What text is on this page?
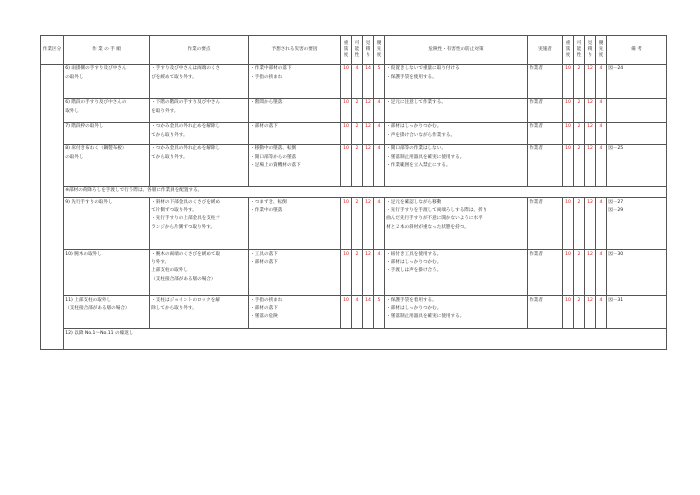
作業区分	作 業 の 手 順	作業の要点	予想される災害の要因	重篤度	可能性	見積り	優先度	危険性・有害性の防止対策	実施者	重篤度	可能性	見積り	優先度	備 考

	6) 雨掛側の手すり及び中さん
の取外し	・手すり及び中さんは両端のくさ
びを緩めて取り外す。	・作業中部材の落下
・手指の挟まれ	10	4	14	5	・仮置きしないで重量に取り付ける
・保護手袋を使用する。	作業者	10	2	12	4	図－24

	6) 階段の手すり及び中さんの
取外し	・下階の階段の手すり及び中さん
を取り外す。	・階間から墜落	10	2	12	4	・足元に注意して作業する。	作業者	10	2	12	4	

	7) 階段枠の取外し	・つかみ金具の外れ止めを解除し
てから取り外す。	・部材の落下	10	2	12	4	・部材はしっかりつかむ。
・声を掛け合いながら作業する。	作業者	10	2	12	4	

	8) 床付き布わく（鋼製布板）
の取外し	・つかみ金具の外れ止めを解除し
てから取り外す。	・移動中の墜落、転倒
・開口部等からの墜落
・足場上の資機材の落下	10	2	12	4	・開口部等の作業はしない。
・墜落制止用器具を確実に使用する。
・作業範囲を立入禁止にする。	作業者	10	2	12	4	図－25
	※部材の荷降ろしを手渡しで行う際は、各層に作業員を配置する。													

	9) 先行手すりの取外し	・斜材の下部金具のくさびを緩め
て片側ずつ取り外す。
・先行手すりの上部金具を支柱フ
ランジから片側ずつ取り外す。	・つまずき、転倒
・作業中の墜落	10	2	12	4	・足元を確認しながら移動
・先行手すりを手渡して両端ろしする際は、折り
曲んだ先行手すりが不意に開かないように水平
材と２本の斜材が重なった状態を持つ。	作業者	10	2	12	4	図－27
図－29

	10) 腕木の取外し	・腕木の両端のくさびを緩めて取
り外す。
上部支柱の取外し
（支柱接合部がある層の場合）	・工具の落下
・部材の落下	10	2	12	4	・紐付き工具を使用する。
・部材はしっかりつかむ。
・手渡しは声を掛け合う。	作業者	10	2	12	4	図－30

	11) 上部支柱の取外し
（支柱接合部がある層の場合）	・支柱はジョイントのロックを解
除してから取り外す。	・手指の挟まれ
・部材の落下
・墜落の危険	10	4	14	5	・保護手袋を着用する。
・部材はしっかりつかむ。
・墜落制止用器具を確実に使用する。	作業者	10	2	12	4	図－31

	12) 以降 No.1～No.11 の繰返し													
